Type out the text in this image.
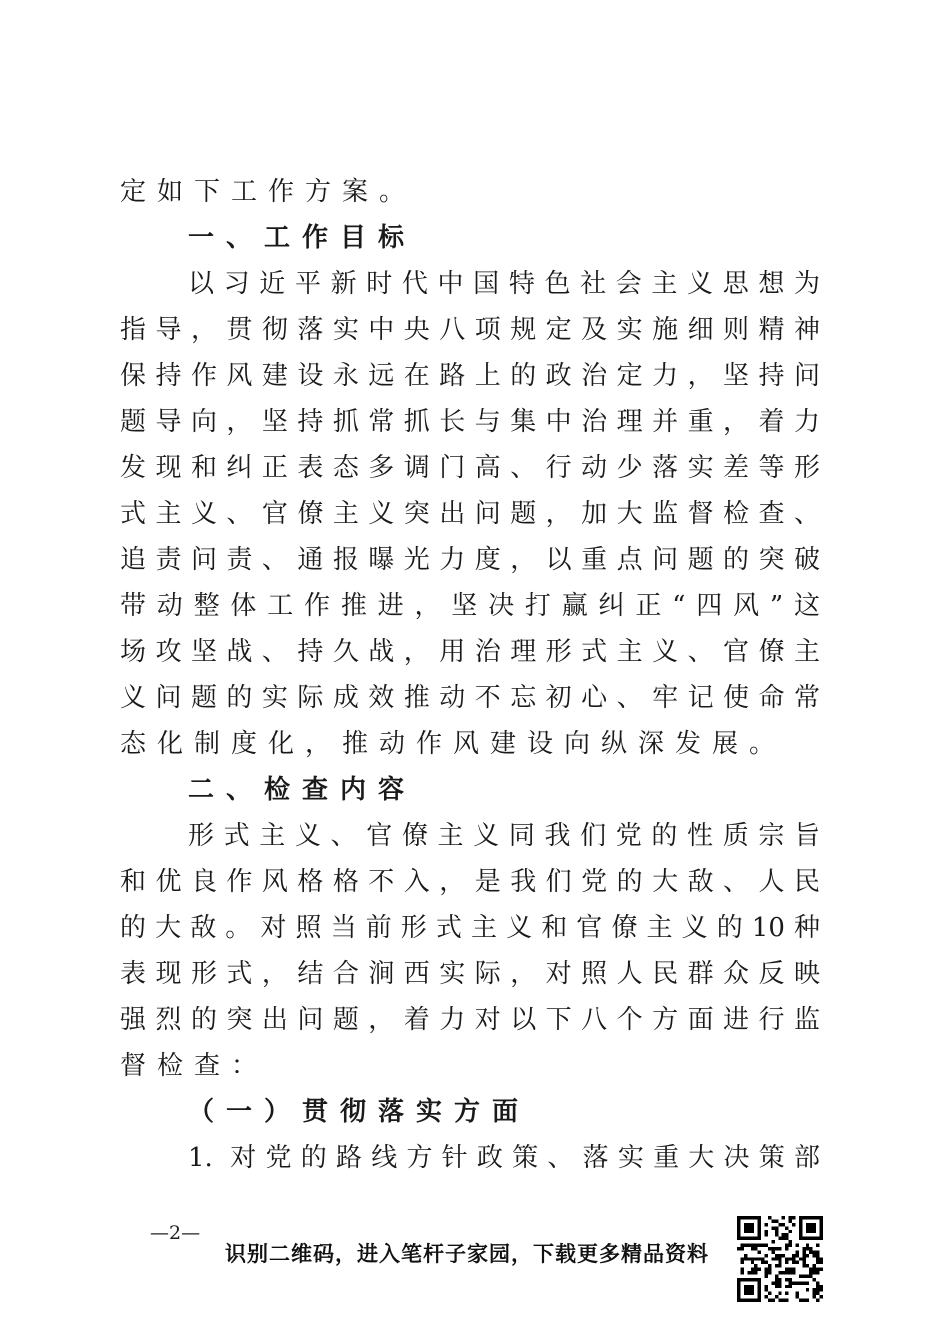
定如下工作方案。
一、工作目标
以习近平新时代中国特色社会主义思想为
指导，贯彻落实中央八项规定及实施细则精神
保持作风建设永远在路上的政治定力，坚持问
题导向，坚持抓常抓长与集中治理并重，着力
发现和纠正表态多调门高、行动少落实差等形
式主义、官僚主义突出问题，加大监督检查、
追责问责、通报曝光力度，以重点问题的突破
带动整体工作推进，坚决打赢纠正“四风”这
场攻坚战、持久战，用治理形式主义、官僚主
义问题的实际成效推动不忘初心、牢记使命常
态化制度化，推动作风建设向纵深发展。
二、检查内容
形式主义、官僚主义同我们党的性质宗旨
和优良作风格格不入，是我们党的大敌、人民
的大敌。对照当前形式主义和官僚主义的10种
表现形式，结合涧西实际，对照人民群众反映
强烈的突出问题，着力对以下八个方面进行监
督检查：
（一）贯彻落实方面
1. 对党的路线方针政策、落实重大决策部
—2—
识别二维码，进入笔杆子家园，下载更多精品资料
